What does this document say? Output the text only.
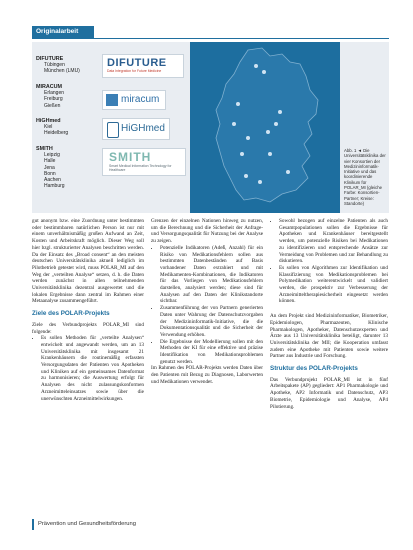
Originalarbeit
DIFUTURE
Tübingen
München (LMU)
MIRACUM
Erlangen
Freiburg
Gießen
HiGHmed
Kiel
Heidelberg
SMITH
Leipzig
Halle
Jena
Bonn
Aachen
Hamburg
DIFUTURE
Data Integration for Future Medicine
miracum
HiGHmed
SMITH
Smart Medical Information Technology for Healthcare
Abb. 1 ◄ Die Universitätsklinika der vier Konsortien der Medizininformatik-Initiative und das koordinierende Klinikum für POLAR_MI (gleiche Farbe: Konsortien-Partner; Kreise: Standorte)

gut anonym bzw. eine Zuordnung unter bestimmten oder bestimmbaren natürlichen Person ist nur mit einem unverhältnismäßig großen Aufwand an Zeit, Kosten und Arbeitskraft möglich. Dieser Weg soll hier bzgl. strukturierter Analysen beschritten werden. Da der Einsatz des „Broad consent“ an den meisten deutschen Universitätsklinika aktuell lediglich im Pilotbetrieb getestet wird, muss POLAR_MI auf den Weg der „verteilten Analyse“ setzen, d. h. die Daten werden zunächst in allen teilnehmenden Universitätsklinika dezentral ausgewertet und die lokalen Ergebnisse dann zentral im Rahmen einer Metaanalyse zusammengeführt.

Ziele des POLAR-Projekts

Ziele des Verbundprojekts POLAR_MI sind folgende:

• Es sollen Methoden für „verteilte Analysen“ entwickelt und angewandt werden, um an 13 Universitätsklinika mit insgesamt 21 Krankenhäusern die routinemäßig erfassten Versorgungsdaten der Patienten von Apotheken und Kliniken auf ein gemeinsames Datenformat zu harmonisieren; die Auswertung erfolgt für Analysen des nicht zulassungskonformen Arzneimitteleinsatzes sowie über die unerwünschten Arzneimittelwirkungen.

Grenzen der einzelnen Nationen hinweg zu nutzen, um die Berechnung und die Sicherheit der Anfrage- und Versorgungsqualität für Nutzung bei der Analyse zu zeigen.

• Potenzielle Indikatoren (Adeß, Anzahl) für ein Risiko von Medikationsfehlern sollen aus bestimmten Datenbeständen auf Basis vorhandener Daten extrahiert und mit Medikamenten-Kombinationen, die Indikatoren für das Vorliegen von Medikationsfehlern darstellen, analysiert werden; diese sind für Analysen auf den Daten der Klinikstandorte sichtbar.
• Zusammenführung der von Partnern generierten Daten unter Wahrung der Datenschutzvorgaben der Medizininformatik-Initiative, die die Dokumentationsqualität und die Sicherheit der Verwendung erhöhen.
• Die Ergebnisse der Modellierung sollen mit den Methoden der KI für eine effektive und präzise Identifikation von Medikationsproblemen genutzt werden.

Im Rahmen des POLAR-Projekts werden Daten über den Patienten mit Bezug zu Diagnosen, Laborwerten und Medikationen verwendet.

• Sowohl bezogen auf einzelne Patienten als auch Gesamtpopulationen sollen die Ergebnisse für Apotheken und Krankenhäuser bereitgestellt werden, um potenzielle Risiken bei Medikationen zu identifizieren und entsprechende Ansätze zur Vermeidung von Problemen und zur Behandlung zu diskutieren.
• Es sollen von Algorithmen zur Identifikation und Klassifizierung von Medikationsproblemen bei Polymedikation weiterentwickelt und validiert werden, die prospektiv zur Verbesserung der Arzneimitteltherapiesicherheit eingesetzt werden können.

An dem Projekt sind Medizininformatiker, Biometriker, Epidemiologen, Pharmazeuten, Klinische Pharmakologen, Apotheker, Datenschutzexperten und Ärzte aus 13 Universitätsklinika beteiligt, darunter 13 Universitätsklinika der MII; die Kooperation umfasst zudem eine Apotheke mit Patienten sowie weitere Partner aus Industrie und Forschung.

Struktur des POLAR-Projekts

Das Verbundprojekt POLAR_MI ist in fünf Arbeitspakete (AP) gegliedert: AP1 Pharmakologie und Apotheke, AP2 Informatik und Datenschutz, AP3 Biometrie, Epidemiologie und Analyse, AP4 Pilotierung.

Prävention und Gesundheitsförderung
